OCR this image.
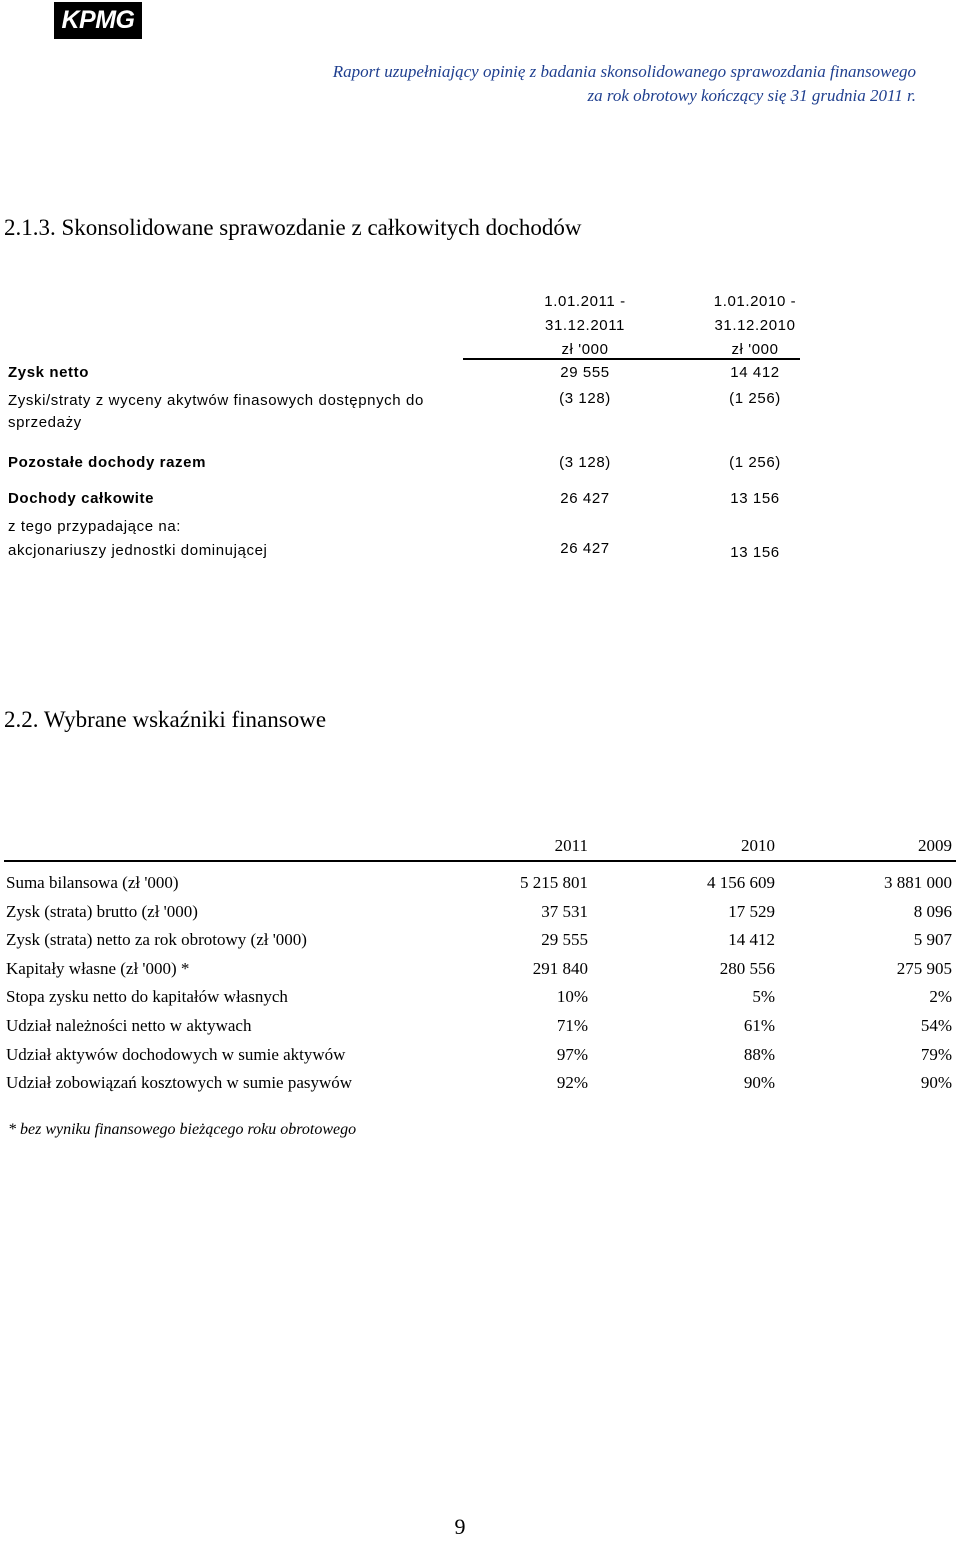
KPMG
Raport uzupełniający opinię z badania skonsolidowanego sprawozdania finansowego
za rok obrotowy kończący się 31 grudnia 2011 r.
2.1.3. Skonsolidowane sprawozdanie z całkowitych dochodów
1.01.2011 -
31.12.2011
zł '000
1.01.2010 -
31.12.2010
zł '000
Zysk netto	29 555	14 412
Zyski/straty z wyceny akytwów finasowych dostępnych do
sprzedaży
(3 128)	(1 256)
Pozostałe dochody razem	(3 128)	(1 256)
Dochody całkowite	26 427	13 156
z tego przypadające na:
akcjonariuszy jednostki dominującej	26 427	13 156
2.2. Wybrane wskaźniki finansowe
2011	2010	2009
Suma bilansowa (zł '000)	5 215 801	4 156 609	3 881 000
Zysk (strata) brutto (zł '000)	37 531	17 529	8 096
Zysk (strata) netto za rok obrotowy (zł '000)	29 555	14 412	5 907
Kapitały własne (zł '000) *	291 840	280 556	275 905
Stopa zysku netto do kapitałów własnych	10%	5%	2%
Udział należności netto w aktywach	71%	61%	54%
Udział aktywów dochodowych w sumie aktywów	97%	88%	79%
Udział zobowiązań kosztowych w sumie pasywów	92%	90%	90%
* bez wyniku finansowego bieżącego roku obrotowego
9
